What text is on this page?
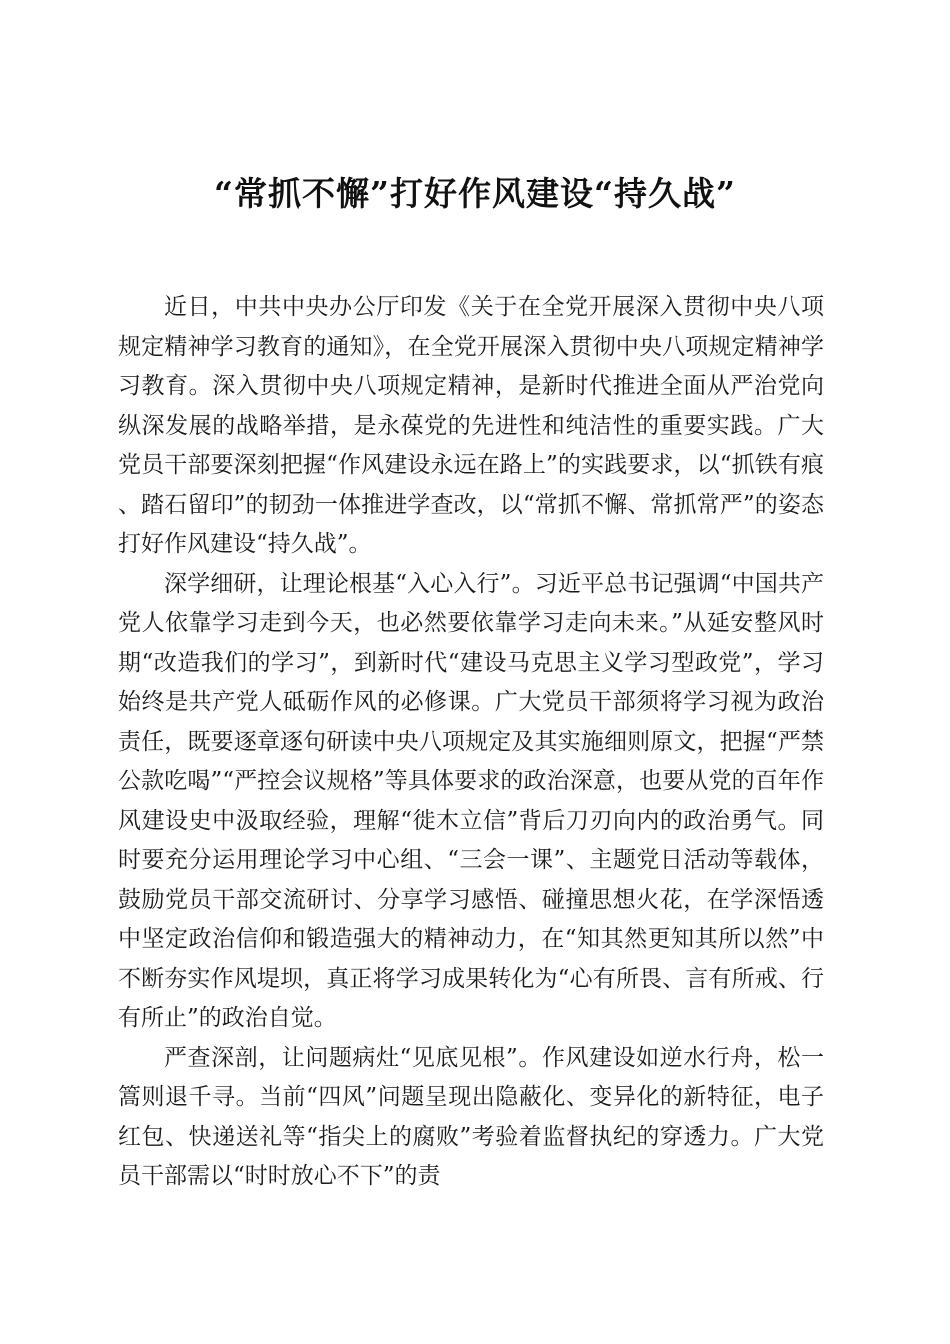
“常抓不懈”打好作风建设“持久战”

近日，中共中央办公厅印发《关于在全党开展深入贯彻中央八项规定精神学习教育的通知》，在全党开展深入贯彻中央八项规定精神学习教育。深入贯彻中央八项规定精神，是新时代推进全面从严治党向纵深发展的战略举措，是永葆党的先进性和纯洁性的重要实践。广大党员干部要深刻把握“作风建设永远在路上”的实践要求，以“抓铁有痕、踏石留印”的韧劲一体推进学查改，以“常抓不懈、常抓常严”的姿态打好作风建设“持久战”。

深学细研，让理论根基“入心入行”。习近平总书记强调“中国共产党人依靠学习走到今天，也必然要依靠学习走向未来。”从延安整风时期“改造我们的学习”，到新时代“建设马克思主义学习型政党”，学习始终是共产党人砥砺作风的必修课。广大党员干部须将学习视为政治责任，既要逐章逐句研读中央八项规定及其实施细则原文，把握“严禁公款吃喝”“严控会议规格”等具体要求的政治深意，也要从党的百年作风建设史中汲取经验，理解“徙木立信”背后刀刃向内的政治勇气。同时要充分运用理论学习中心组、“三会一课”、主题党日活动等载体，鼓励党员干部交流研讨、分享学习感悟、碰撞思想火花，在学深悟透中坚定政治信仰和锻造强大的精神动力，在“知其然更知其所以然”中不断夯实作风堤坝，真正将学习成果转化为“心有所畏、言有所戒、行有所止”的政治自觉。

严查深剖，让问题病灶“见底见根”。作风建设如逆水行舟，松一篙则退千寻。当前“四风”问题呈现出隐蔽化、变异化的新特征，电子红包、快递送礼等“指尖上的腐败”考验着监督执纪的穿透力。广大党员干部需以“时时放心不下”的责
